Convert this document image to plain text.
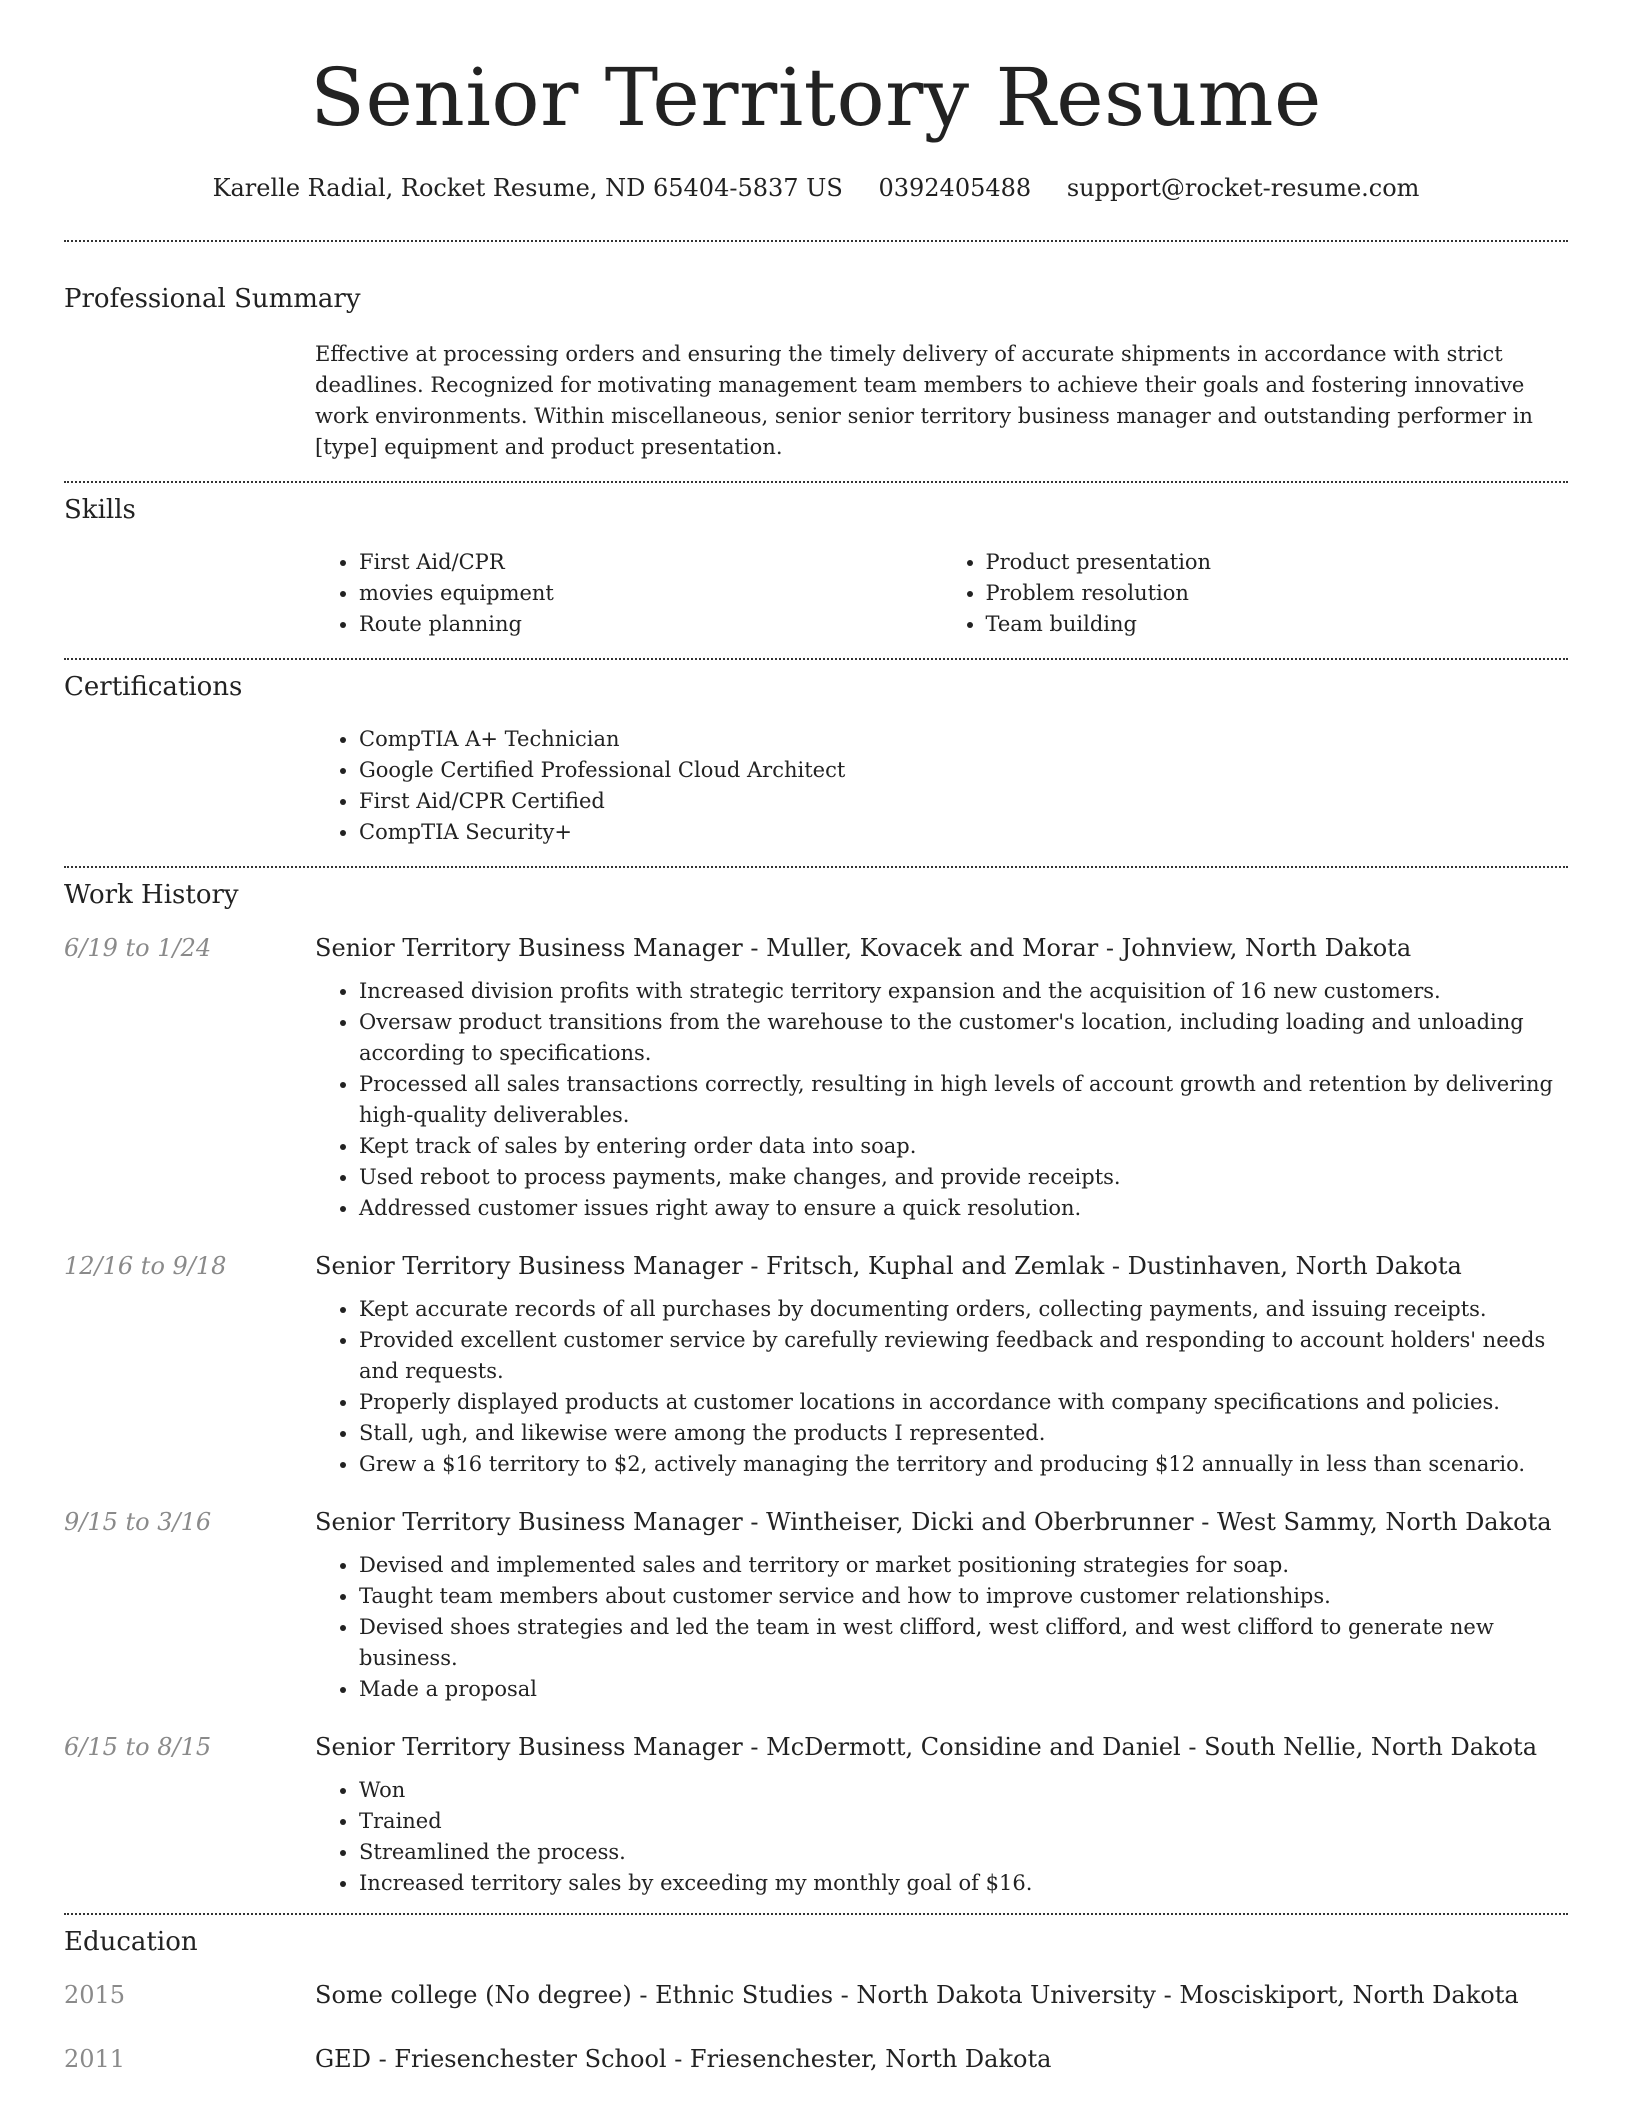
Senior Territory Resume
Karelle Radial, Rocket Resume, ND 65404-5837 US 0392405488 support@rocket-resume.com
Professional Summary
Effective at processing orders and ensuring the timely delivery of accurate shipments in accordance with strict deadlines. Recognized for motivating management team members to achieve their goals and fostering innovative work environments. Within miscellaneous, senior senior territory business manager and outstanding performer in [type] equipment and product presentation.
Skills
• First Aid/CPR
• movies equipment
• Route planning
• Product presentation
• Problem resolution
• Team building
Certifications
• CompTIA A+ Technician
• Google Certified Professional Cloud Architect
• First Aid/CPR Certified
• CompTIA Security+
Work History
6/19 to 1/24	Senior Territory Business Manager - Muller, Kovacek and Morar - Johnview, North Dakota
• Increased division profits with strategic territory expansion and the acquisition of 16 new customers.
• Oversaw product transitions from the warehouse to the customer's location, including loading and unloading according to specifications.
• Processed all sales transactions correctly, resulting in high levels of account growth and retention by delivering high-quality deliverables.
• Kept track of sales by entering order data into soap.
• Used reboot to process payments, make changes, and provide receipts.
• Addressed customer issues right away to ensure a quick resolution.
12/16 to 9/18	Senior Territory Business Manager - Fritsch, Kuphal and Zemlak - Dustinhaven, North Dakota
• Kept accurate records of all purchases by documenting orders, collecting payments, and issuing receipts.
• Provided excellent customer service by carefully reviewing feedback and responding to account holders' needs and requests.
• Properly displayed products at customer locations in accordance with company specifications and policies.
• Stall, ugh, and likewise were among the products I represented.
• Grew a $16 territory to $2, actively managing the territory and producing $12 annually in less than scenario.
9/15 to 3/16	Senior Territory Business Manager - Wintheiser, Dicki and Oberbrunner - West Sammy, North Dakota
• Devised and implemented sales and territory or market positioning strategies for soap.
• Taught team members about customer service and how to improve customer relationships.
• Devised shoes strategies and led the team in west clifford, west clifford, and west clifford to generate new business.
• Made a proposal
6/15 to 8/15	Senior Territory Business Manager - McDermott, Considine and Daniel - South Nellie, North Dakota
• Won
• Trained
• Streamlined the process.
• Increased territory sales by exceeding my monthly goal of $16.
Education
2015	Some college (No degree) - Ethnic Studies - North Dakota University - Mosciskiport, North Dakota
2011	GED - Friesenchester School - Friesenchester, North Dakota
